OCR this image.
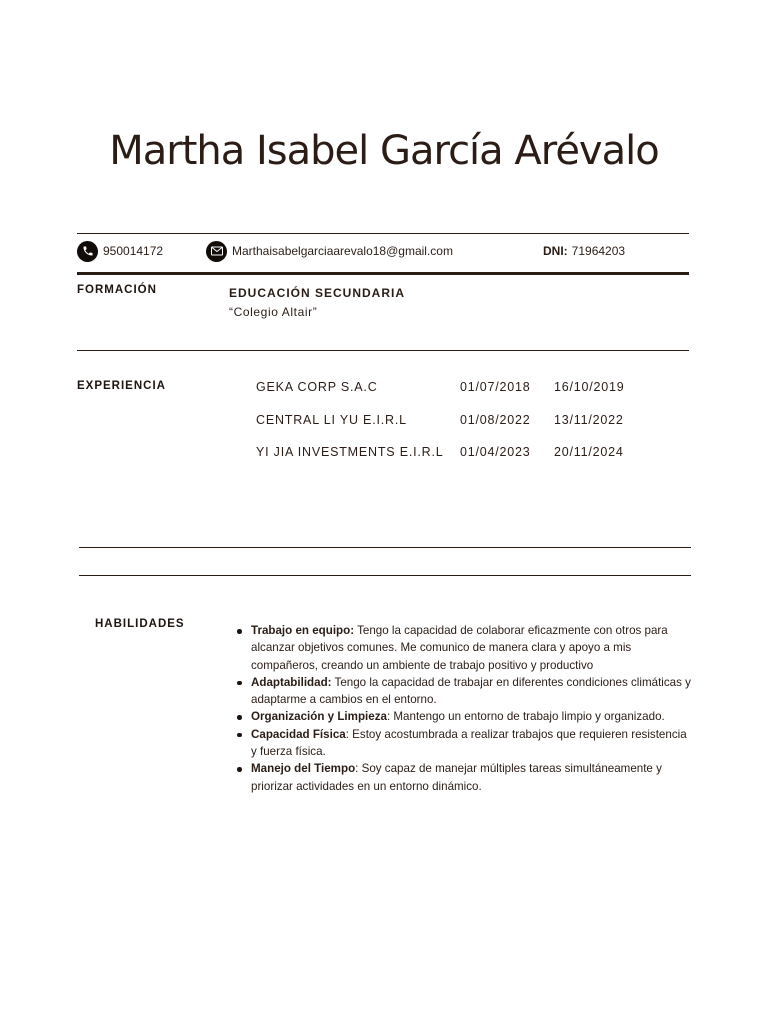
Martha Isabel García Arévalo
950014172	Marthaisabelgarciaarevalo18@gmail.com	DNI: 71964203
FORMACIÓN	EDUCACIÓN SECUNDARIA
“Colegio Altair”
EXPERIENCIA	GEKA CORP S.A.C	01/07/2018 16/10/2019
CENTRAL LI YU E.I.R.L	01/08/2022 13/11/2022
YI JIA INVESTMENTS E.I.R.L 01/04/2023 20/11/2024
HABILIDADES	Trabajo en equipo: Tengo la capacidad de colaborar eficazmente con otros para alcanzar objetivos comunes. Me comunico de manera clara y apoyo a mis compañeros, creando un ambiente de trabajo positivo y productivo
Adaptabilidad: Tengo la capacidad de trabajar en diferentes condiciones climáticas y adaptarme a cambios en el entorno.
Organización y Limpieza: Mantengo un entorno de trabajo limpio y organizado.
Capacidad Física: Estoy acostumbrada a realizar trabajos que requieren resistencia y fuerza física.
Manejo del Tiempo: Soy capaz de manejar múltiples tareas simultáneamente y priorizar actividades en un entorno dinámico.
